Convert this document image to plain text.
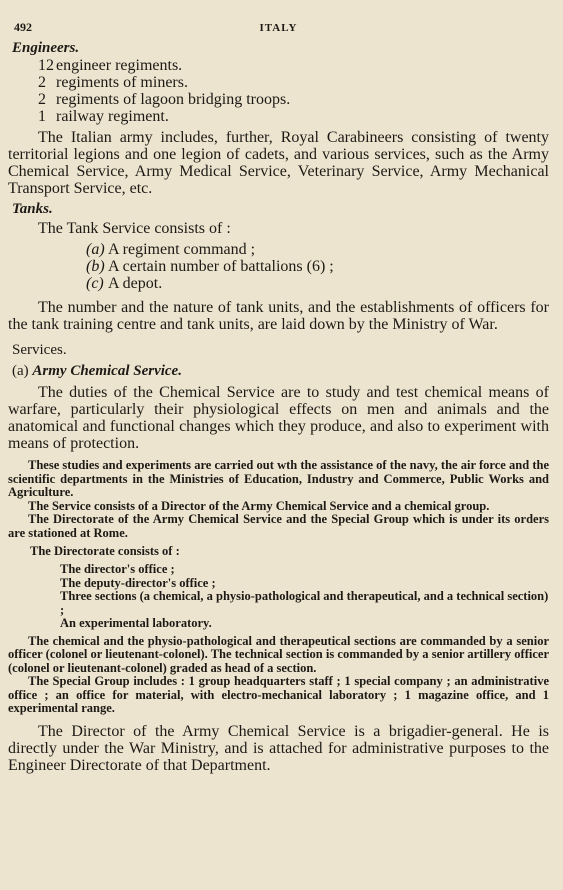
492	ITALY
Engineers.
12 engineer regiments.
2 regiments of miners.
2 regiments of lagoon bridging troops.
1 railway regiment.

The Italian army includes, further, Royal Carabineers consisting of twenty territorial legions and one legion of cadets, and various services, such as the Army Chemical Service, Army Medical Service, Veterinary Service, Army Mechanical Transport Service, etc.

Tanks.

The Tank Service consists of :

(a) A regiment command ;
(b) A certain number of battalions (6) ;
(c) A depot.

The number and the nature of tank units, and the establishments of officers for the tank training centre and tank units, are laid down by the Ministry of War.

Services.
(a) Army Chemical Service.

The duties of the Chemical Service are to study and test chemical means of warfare, particularly their physiological effects on men and animals and the anatomical and functional changes which they produce, and also to experiment with means of protection.

These studies and experiments are carried out wth the assistance of the navy, the air force and the scientific departments in the Ministries of Education, Industry and Commerce, Public Works and Agriculture.

The Service consists of a Director of the Army Chemical Service and a chemical group.

The Directorate of the Army Chemical Service and the Special Group which is under its orders are stationed at Rome.

The Directorate consists of :
The director's office ;
The deputy-director's office ;
Three sections (a chemical, a physio-pathological and therapeutical, and a technical section) ;
An experimental laboratory.

The chemical and the physio-pathological and therapeutical sections are commanded by a senior officer (colonel or lieutenant-colonel). The technical section is commanded by a senior artillery officer (colonel or lieutenant-colonel) graded as head of a section.

The Special Group includes : 1 group headquarters staff ; 1 special company ; an administrative office ; an office for material, with electro-mechanical laboratory ; 1 magazine office, and 1 experimental range.

The Director of the Army Chemical Service is a brigadier-general. He is directly under the War Ministry, and is attached for administrative purposes to the Engineer Directorate of that Department.
